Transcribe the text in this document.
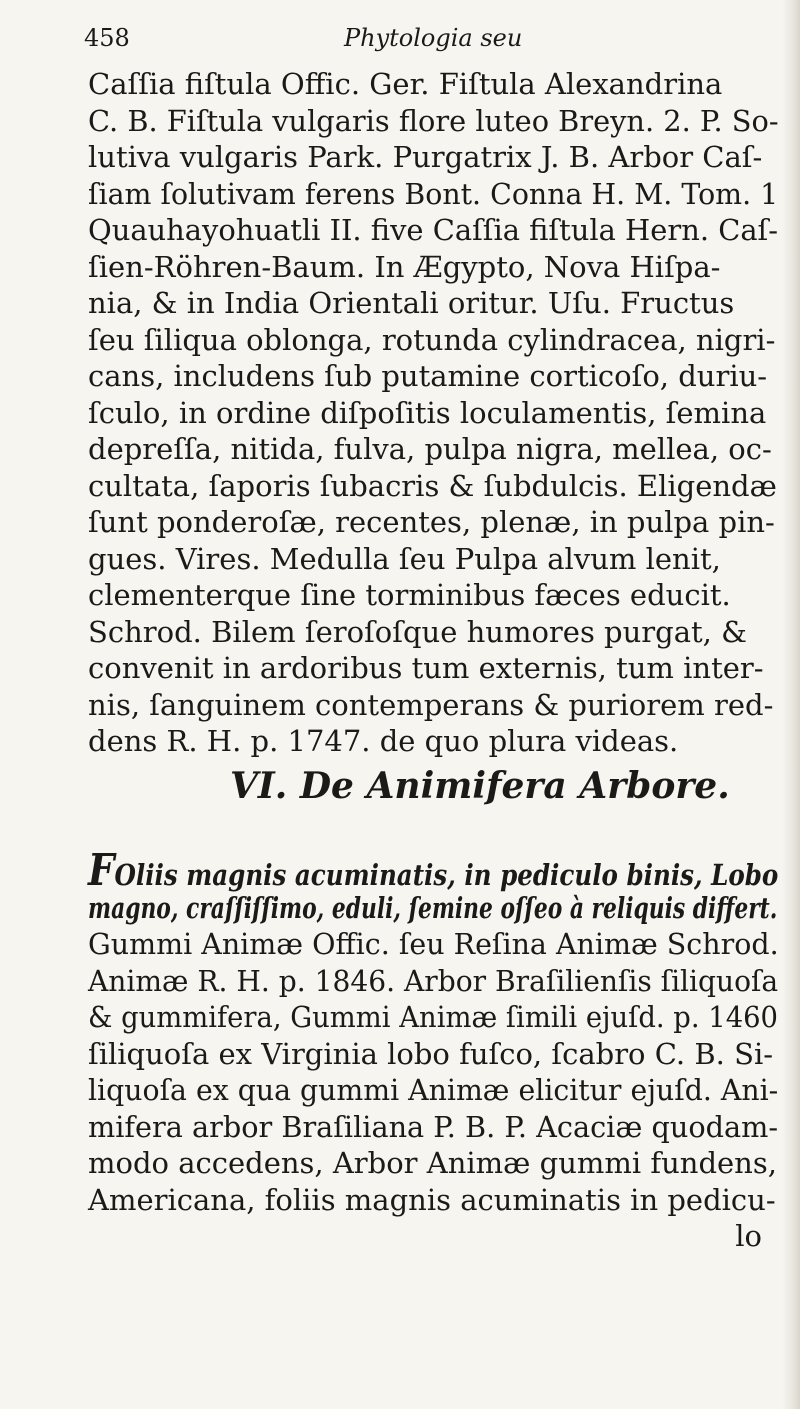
458	Phytologia seu
Caſſia fiſtula Offic. Ger. Fiſtula Alexandrina
C. B. Fiſtula vulgaris flore luteo Breyn. 2. P. So-
lutiva vulgaris Park. Purgatrix J. B. Arbor Caſ-
ſiam ſolutivam ferens Bont. Conna H. M. Tom. 1
Quauhayohuatli II. five Caſſia fiſtula Hern. Caſ-
ſien-Röhren-Baum. In Ægypto, Nova Hiſpa-
nia, & in India Orientali oritur. Uſu. Fructus
ſeu ſiliqua oblonga, rotunda cylindracea, nigri-
cans, includens ſub putamine corticoſo, duriu-
ſculo, in ordine diſpoſitis loculamentis, ſemina
depreſſa, nitida, fulva, pulpa nigra, mellea, oc-
cultata, ſaporis ſubacris & ſubdulcis. Eligendæ
ſunt ponderoſæ, recentes, plenæ, in pulpa pin-
gues. Vires. Medulla ſeu Pulpa alvum lenit,
clementerque ſine torminibus fæces educit.
Schrod. Bilem ſeroſoſque humores purgat, &
convenit in ardoribus tum externis, tum inter-
nis, ſanguinem contemperans & puriorem red-
dens R. H. p. 1747. de quo plura videas.
VI. De Animifera Arbore.
FOliis magnis acuminatis, in pediculo binis, Lobo
magno, craſſiſſimo, eduli, ſemine oſſeo à reliquis differt.
Gummi Animæ Offic. ſeu Reſina Animæ Schrod.
Animæ R. H. p. 1846. Arbor Braſilienſis ſiliquoſa
& gummifera, Gummi Animæ ſimili ejuſd. p. 1460
ſiliquoſa ex Virginia lobo fuſco, ſcabro C. B. Si-
liquoſa ex qua gummi Animæ elicitur ejuſd. Ani-
mifera arbor Braſiliana P. B. P. Acaciæ quodam-
modo accedens, Arbor Animæ gummi fundens,
Americana, foliis magnis acuminatis in pedicu-
lo
